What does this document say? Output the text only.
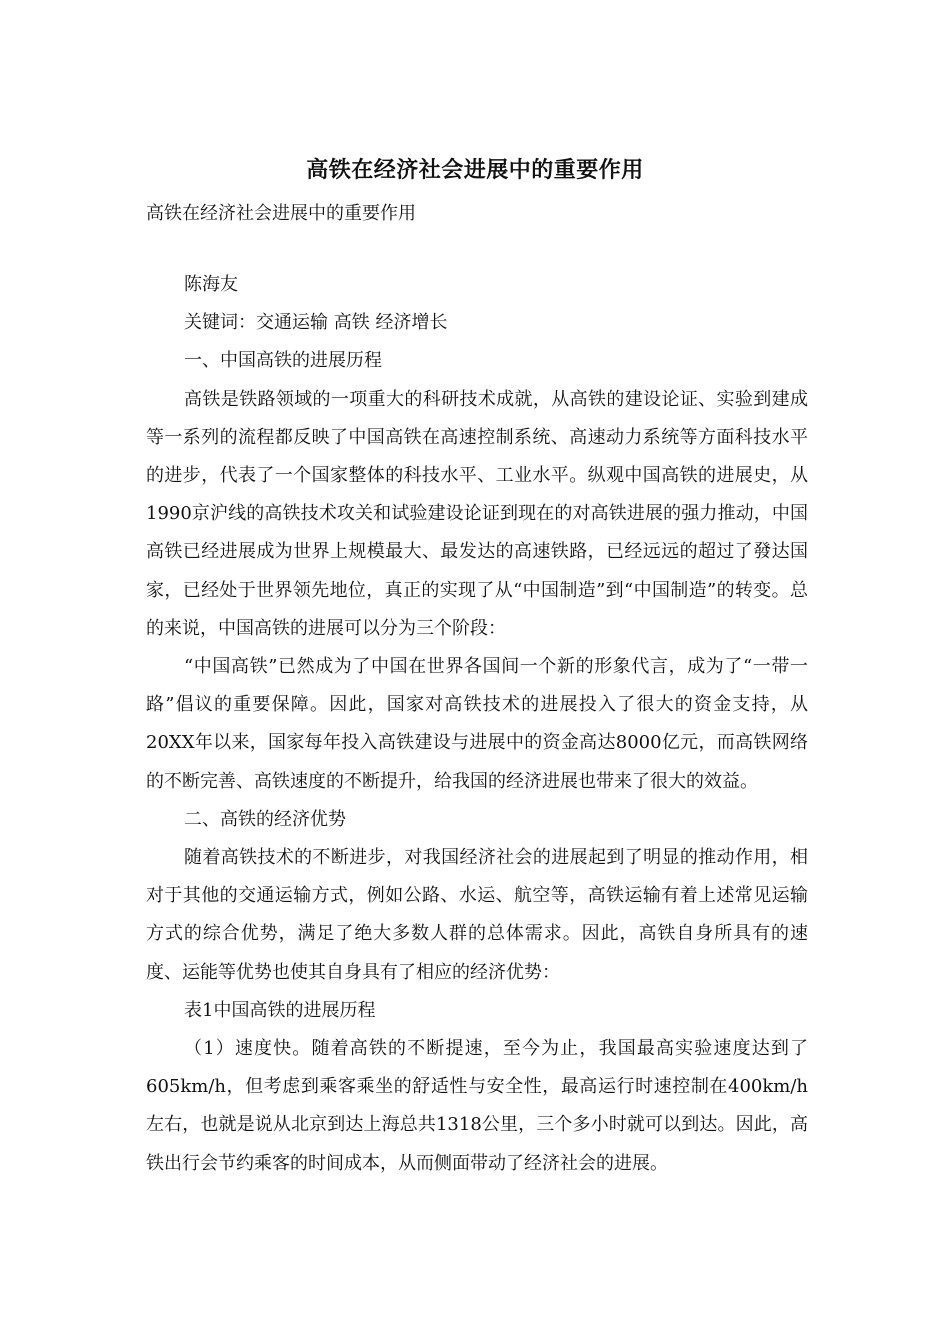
高铁在经济社会进展中的重要作用
高铁在经济社会进展中的重要作用

陈海友

关键词：交通运输 高铁 经济增长

一、中国高铁的进展历程

高铁是铁路领域的一项重大的科研技术成就，从高铁的建设论证、实验到建成等一系列的流程都反映了中国高铁在高速控制系统、高速动力系统等方面科技水平的进步，代表了一个国家整体的科技水平、工业水平。纵观中国高铁的进展史，从1990京沪线的高铁技术攻关和试验建设论证到现在的对高铁进展的强力推动，中国高铁已经进展成为世界上规模最大、最发达的高速铁路，已经远远的超过了發达国家，已经处于世界领先地位，真正的实现了从“中国制造”到“中国制造”的转变。总的来说，中国高铁的进展可以分为三个阶段：

“中国高铁”已然成为了中国在世界各国间一个新的形象代言，成为了“一带一路”倡议的重要保障。因此，国家对高铁技术的进展投入了很大的资金支持，从20XX年以来，国家每年投入高铁建设与进展中的资金高达8000亿元，而高铁网络的不断完善、高铁速度的不断提升，给我国的经济进展也带来了很大的效益。

二、高铁的经济优势

随着高铁技术的不断进步，对我国经济社会的进展起到了明显的推动作用，相对于其他的交通运输方式，例如公路、水运、航空等，高铁运输有着上述常见运输方式的综合优势，满足了绝大多数人群的总体需求。因此，高铁自身所具有的速度、运能等优势也使其自身具有了相应的经济优势：

表1中国高铁的进展历程

（1）速度快。随着高铁的不断提速，至今为止，我国最高实验速度达到了605km/h，但考虑到乘客乘坐的舒适性与安全性，最高运行时速控制在400km/h左右，也就是说从北京到达上海总共1318公里，三个多小时就可以到达。因此，高铁出行会节约乘客的时间成本，从而侧面带动了经济社会的进展。
